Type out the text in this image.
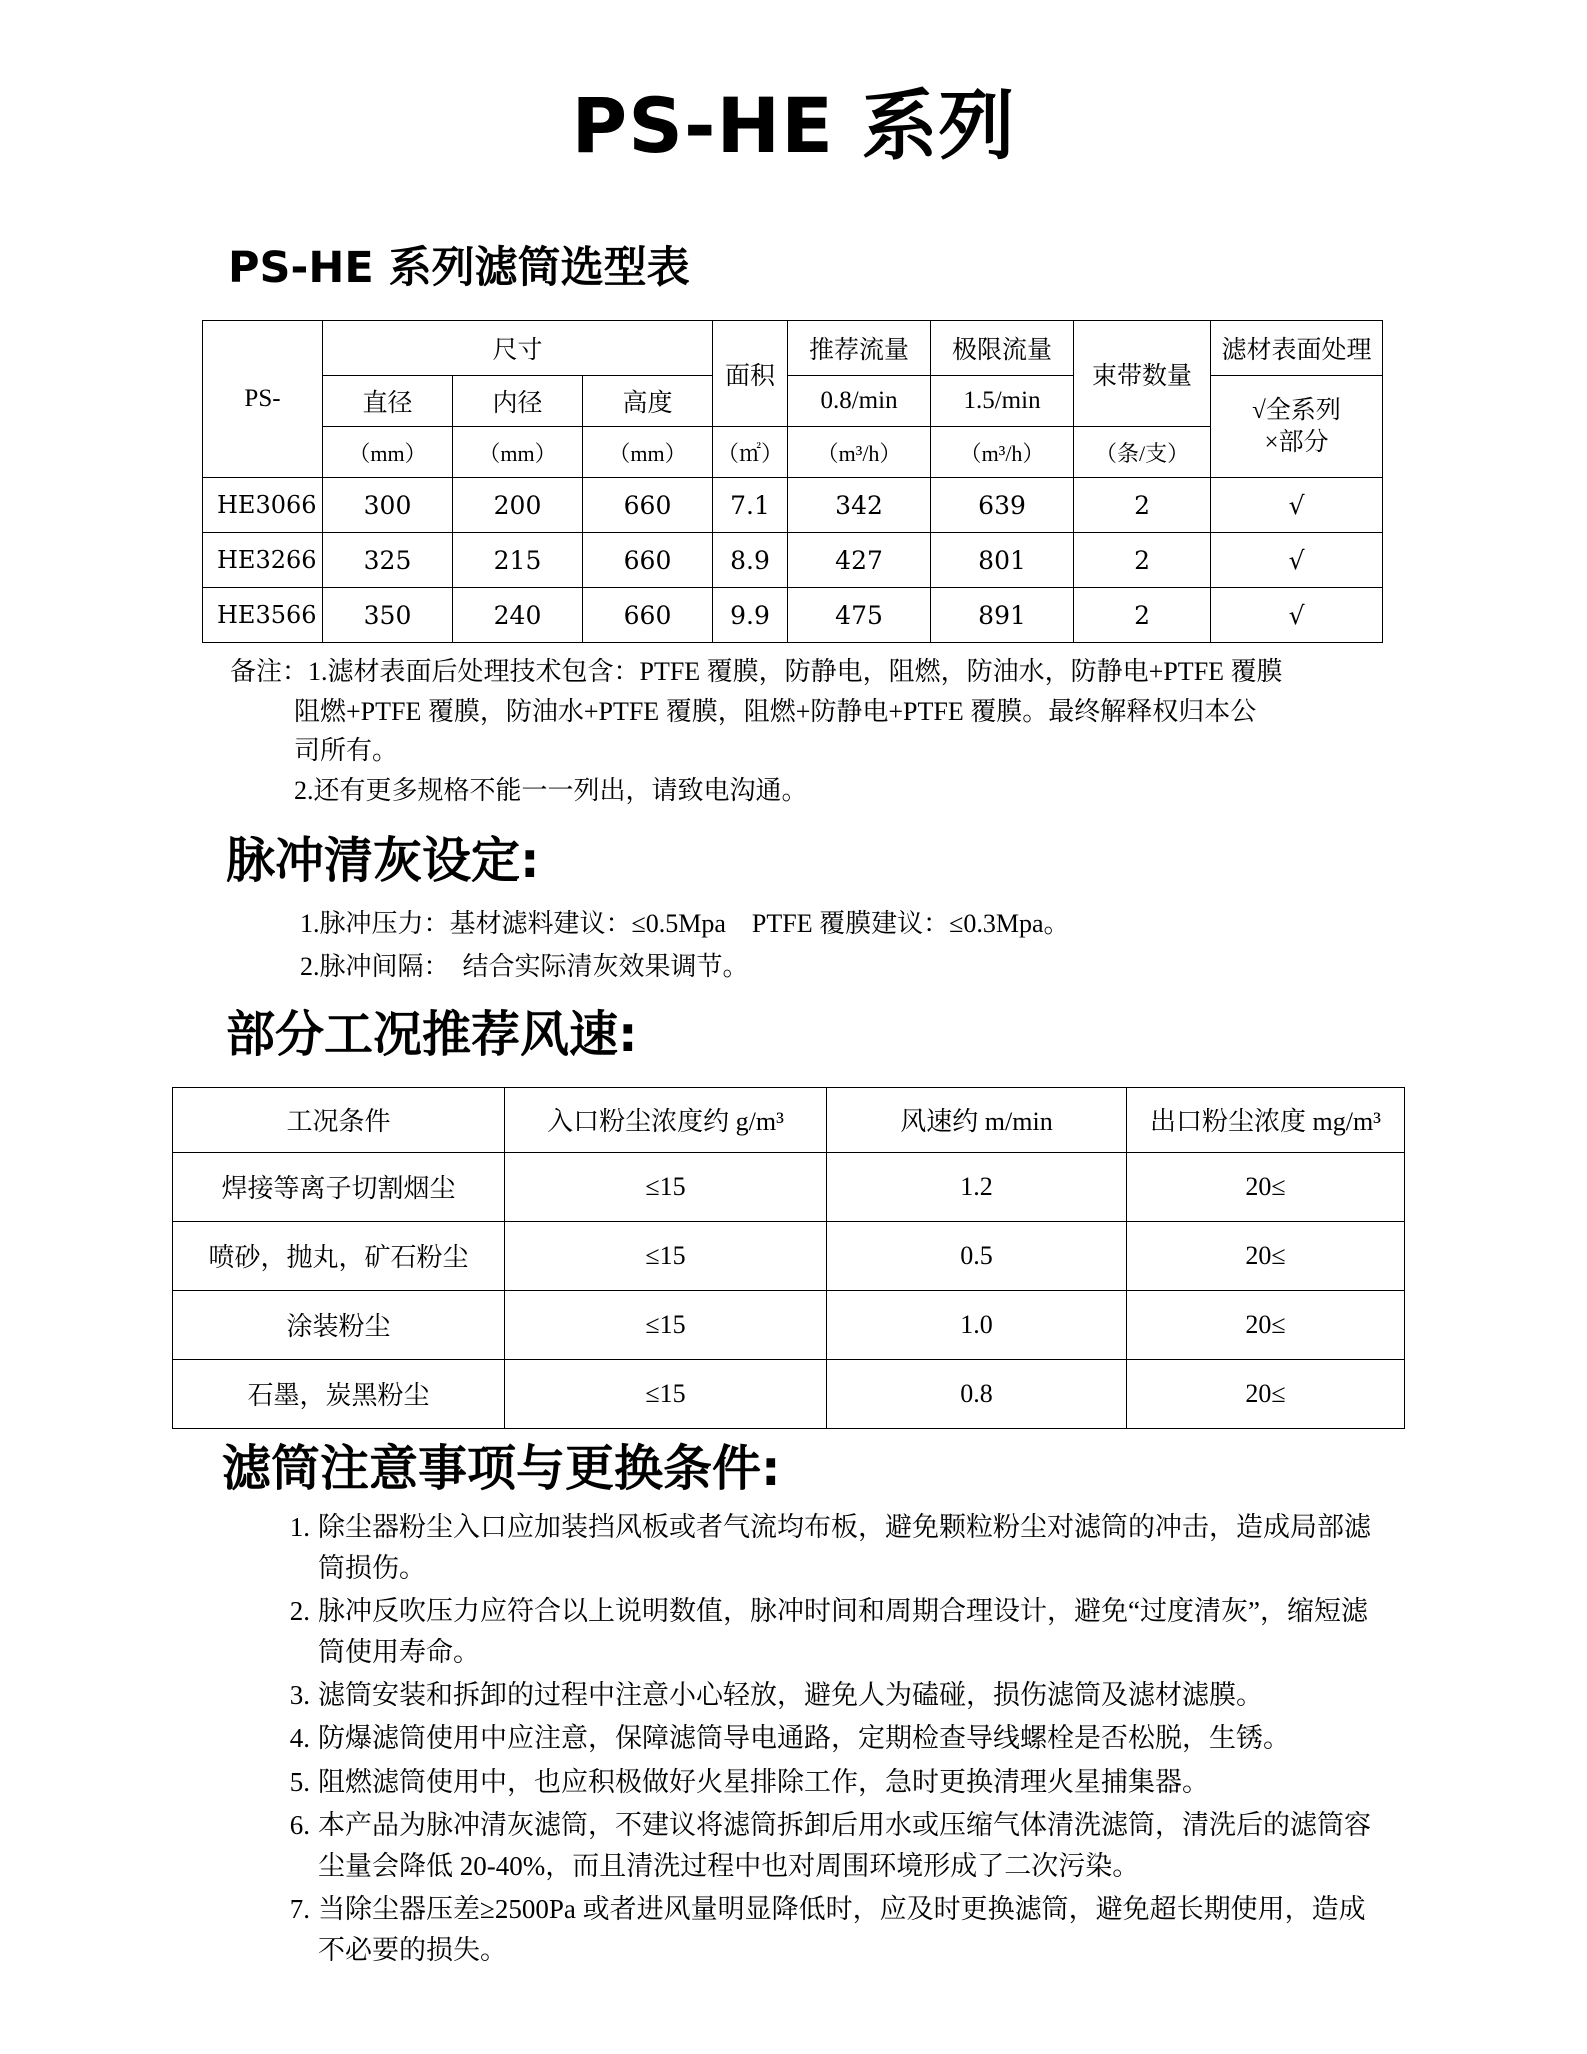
PS-HE 系列
PS-HE 系列滤筒选型表
PS-	尺寸			面积	推荐流量	极限流量	束带数量	滤材表面处理
	直径	内径	高度		0.8/min	1.5/min		√全系列
×部分

	（mm）	（mm）	（mm）	（㎡）	（m³/h）	（m³/h）	（条/支）	
HE3066	300	200	660	7.1	342	639	2	√
HE3266	325	215	660	8.9	427	801	2	√
HE3566	350	240	660	9.9	475	891	2	√
备注：1.滤材表面后处理技术包含：PTFE 覆膜，防静电，阻燃，防油水，防静电+PTFE 覆膜
阻燃+PTFE 覆膜，防油水+PTFE 覆膜，阻燃+防静电+PTFE 覆膜。最终解释权归本公
司所有。
2.还有更多规格不能一一列出，请致电沟通。
脉冲清灰设定:
1.脉冲压力：基材滤料建议：≤0.5Mpa　PTFE 覆膜建议：≤0.3Mpa。
2.脉冲间隔：　结合实际清灰效果调节。
部分工况推荐风速:
工况条件	入口粉尘浓度约 g/m³	风速约 m/min	出口粉尘浓度 mg/m³
焊接等离子切割烟尘	≤15	1.2	20≤
喷砂，抛丸，矿石粉尘	≤15	0.5	20≤
涂装粉尘	≤15	1.0	20≤
石墨，炭黑粉尘	≤15	0.8	20≤
滤筒注意事项与更换条件:
1. 除尘器粉尘入口应加装挡风板或者气流均布板，避免颗粒粉尘对滤筒的冲击，造成局部滤筒损伤。
2. 脉冲反吹压力应符合以上说明数值，脉冲时间和周期合理设计，避免“过度清灰”，缩短滤筒使用寿命。
3. 滤筒安装和拆卸的过程中注意小心轻放，避免人为磕碰，损伤滤筒及滤材滤膜。
4. 防爆滤筒使用中应注意，保障滤筒导电通路，定期检查导线螺栓是否松脱，生锈。
5. 阻燃滤筒使用中，也应积极做好火星排除工作，急时更换清理火星捕集器。
6. 本产品为脉冲清灰滤筒，不建议将滤筒拆卸后用水或压缩气体清洗滤筒，清洗后的滤筒容尘量会降低 20-40%，而且清洗过程中也对周围环境形成了二次污染。
7. 当除尘器压差≥2500Pa 或者进风量明显降低时，应及时更换滤筒，避免超长期使用，造成不必要的损失。
